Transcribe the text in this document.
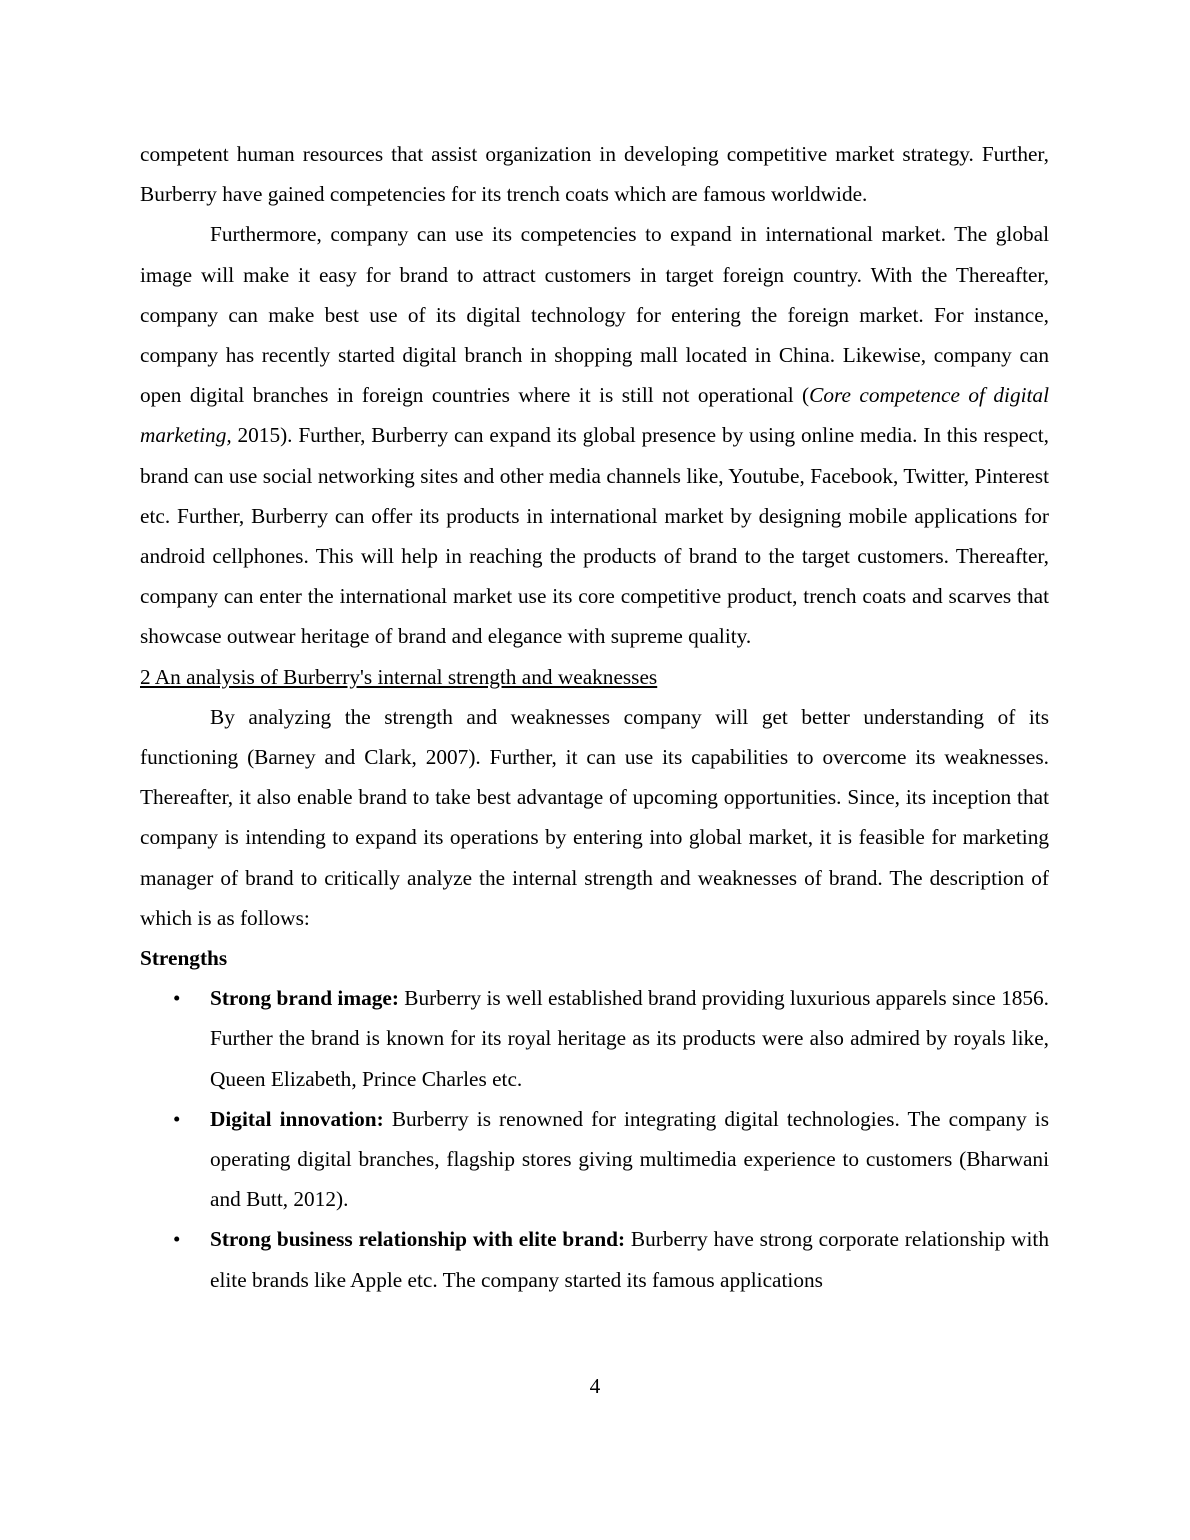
competent human resources that assist organization in developing competitive market strategy. Further, Burberry have gained competencies for its trench coats which are famous worldwide.

Furthermore, company can use its competencies to expand in international market. The global image will make it easy for brand to attract customers in target foreign country. With the Thereafter, company can make best use of its digital technology for entering the foreign market. For instance, company has recently started digital branch in shopping mall located in China. Likewise, company can open digital branches in foreign countries where it is still not operational (Core competence of digital marketing, 2015). Further, Burberry can expand its global presence by using online media. In this respect, brand can use social networking sites and other media channels like, Youtube, Facebook, Twitter, Pinterest etc. Further, Burberry can offer its products in international market by designing mobile applications for android cellphones. This will help in reaching the products of brand to the target customers. Thereafter, company can enter the international market use its core competitive product, trench coats and scarves that showcase outwear heritage of brand and elegance with supreme quality.

2 An analysis of Burberry's internal strength and weaknesses

By analyzing the strength and weaknesses company will get better understanding of its functioning (Barney and Clark, 2007). Further, it can use its capabilities to overcome its weaknesses. Thereafter, it also enable brand to take best advantage of upcoming opportunities. Since, its inception that company is intending to expand its operations by entering into global market, it is feasible for marketing manager of brand to critically analyze the internal strength and weaknesses of brand. The description of which is as follows:

Strengths

• Strong brand image: Burberry is well established brand providing luxurious apparels since 1856. Further the brand is known for its royal heritage as its products were also admired by royals like, Queen Elizabeth, Prince Charles etc.
• Digital innovation: Burberry is renowned for integrating digital technologies. The company is operating digital branches, flagship stores giving multimedia experience to customers (Bharwani and Butt, 2012).
• Strong business relationship with elite brand: Burberry have strong corporate relationship with elite brands like Apple etc. The company started its famous applications
4
